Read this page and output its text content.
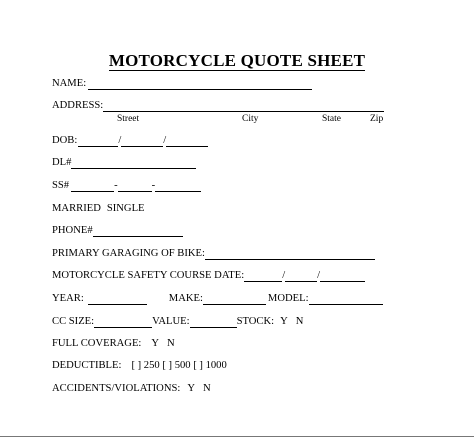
MOTORCYCLE QUOTE SHEET
NAME:
ADDRESS:
Street	City	State	Zip
DOB:	/	/
DL#
SS#	-	-
MARRIED SINGLE
PHONE#
PRIMARY GARAGING OF BIKE:
MOTORCYCLE SAFETY COURSE DATE:	/	/
YEAR:	MAKE:	MODEL:
CC SIZE:	VALUE:	STOCK: Y N
FULL COVERAGE: Y N
DEDUCTIBLE: [ ] 250 [ ] 500 [ ] 1000
ACCIDENTS/VIOLATIONS: Y N
